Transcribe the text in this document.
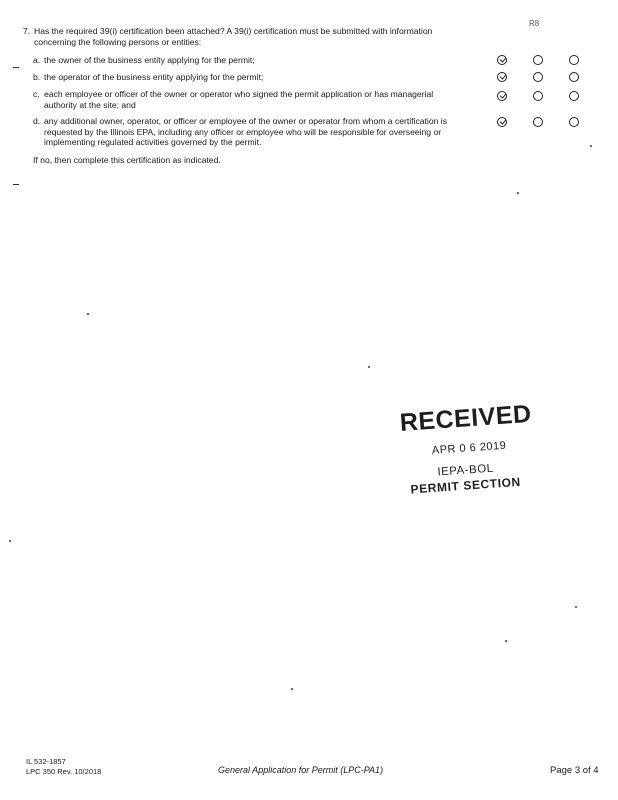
R8
7. Has the required 39(i) certification been attached? A 39(i) certification must be submitted with information concerning the following persons or entities:
a. the owner of the business entity applying for the permit;
b. the operator of the business entity applying for the permit;
c. each employee or officer of the owner or operator who signed the permit application or has managerial authority at the site; and
d. any additional owner, operator, or officer or employee of the owner or operator from whom a certification is requested by the Illinois EPA, including any officer or employee who will be responsible for overseeing or implementing regulated activities governed by the permit.
If no, then complete this certification as indicated.
RECEIVED
APR 0 6 2019
IEPA-BOL
PERMIT SECTION
IL 532-1857
LPC 350 Rev. 10/2018	General Application for Permit (LPC-PA1)	Page 3 of 4
